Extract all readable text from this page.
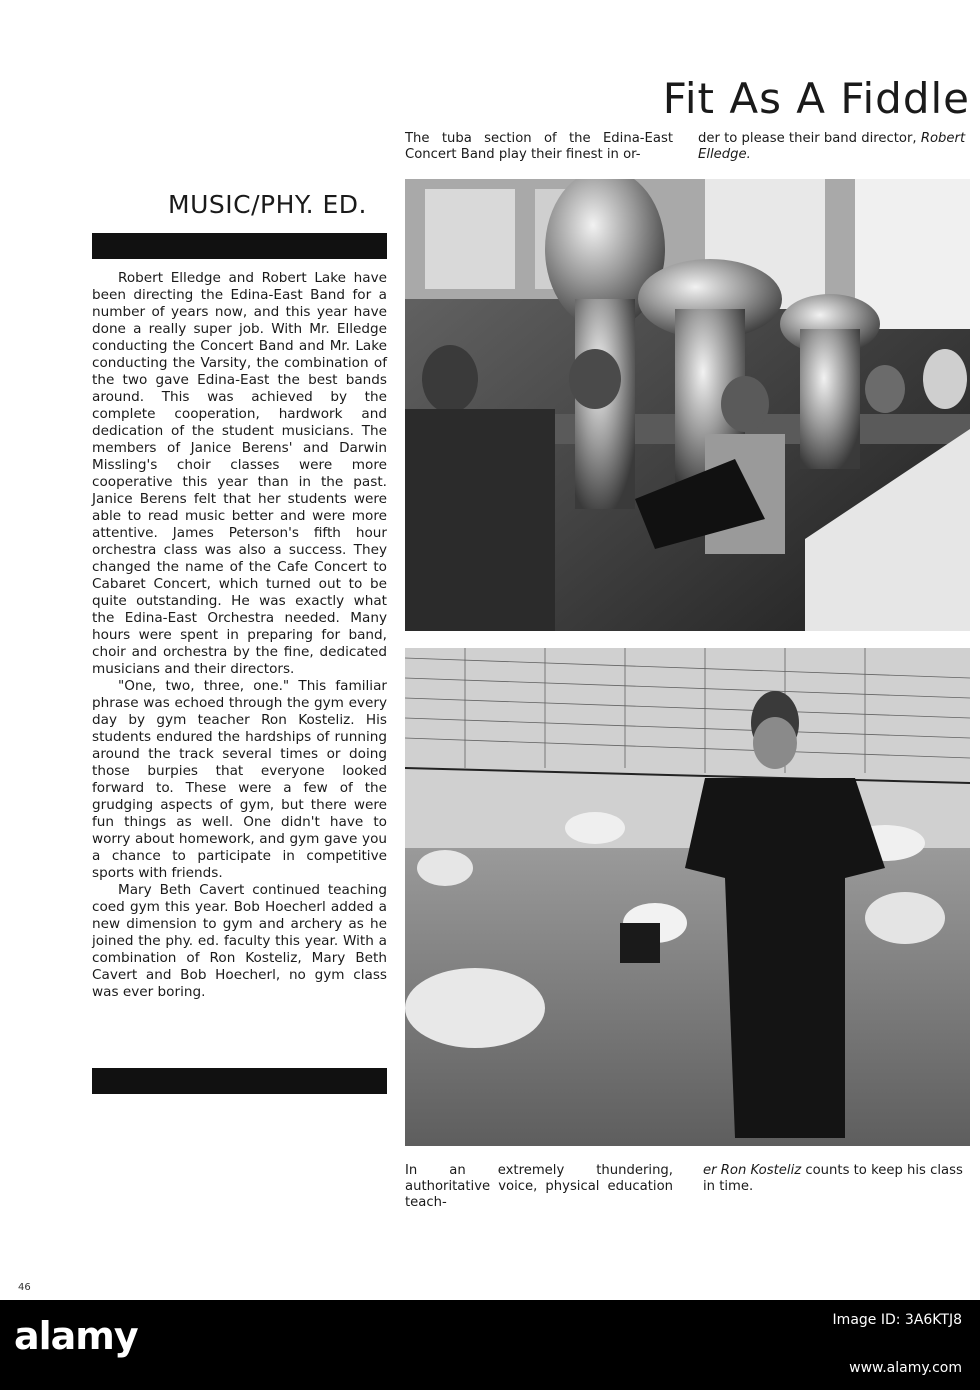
Fit As A Fiddle

The tuba section of the Edina-East Concert Band play their finest in or-

der to please their band director, Robert Elledge.
MUSIC/PHY. ED.

Robert Elledge and Robert Lake have been directing the Edina-East Band for a number of years now, and this year have done a really super job. With Mr. Elledge conducting the Concert Band and Mr. Lake conducting the Varsity, the combination of the two gave Edina-East the best bands around. This was achieved by the complete cooperation, hardwork and dedication of the student musicians. The members of Janice Berens' and Darwin Missling's choir classes were more cooperative this year than in the past. Janice Berens felt that her students were able to read music better and were more attentive. James Peterson's fifth hour orchestra class was also a success. They changed the name of the Cafe Concert to Cabaret Concert, which turned out to be quite outstanding. He was exactly what the Edina-East Orchestra needed. Many hours were spent in preparing for band, choir and orchestra by the fine, dedicated musicians and their directors.

"One, two, three, one." This familiar phrase was echoed through the gym every day by gym teacher Ron Kosteliz. His students endured the hardships of running around the track several times or doing those burpies that everyone looked forward to. These were a few of the grudging aspects of gym, but there were fun things as well. One didn't have to worry about homework, and gym gave you a chance to participate in competitive sports with friends.

Mary Beth Cavert continued teaching coed gym this year. Bob Hoecherl added a new dimension to gym and archery as he joined the phy. ed. faculty this year. With a combination of Ron Kosteliz, Mary Beth Cavert and Bob Hoecherl, no gym class was ever boring.

In an extremely thundering, authoritative voice, physical education teach-

er Ron Kosteliz counts to keep his class in time.
46
alamy	Image ID: 3A6KTJ8
www.alamy.com
